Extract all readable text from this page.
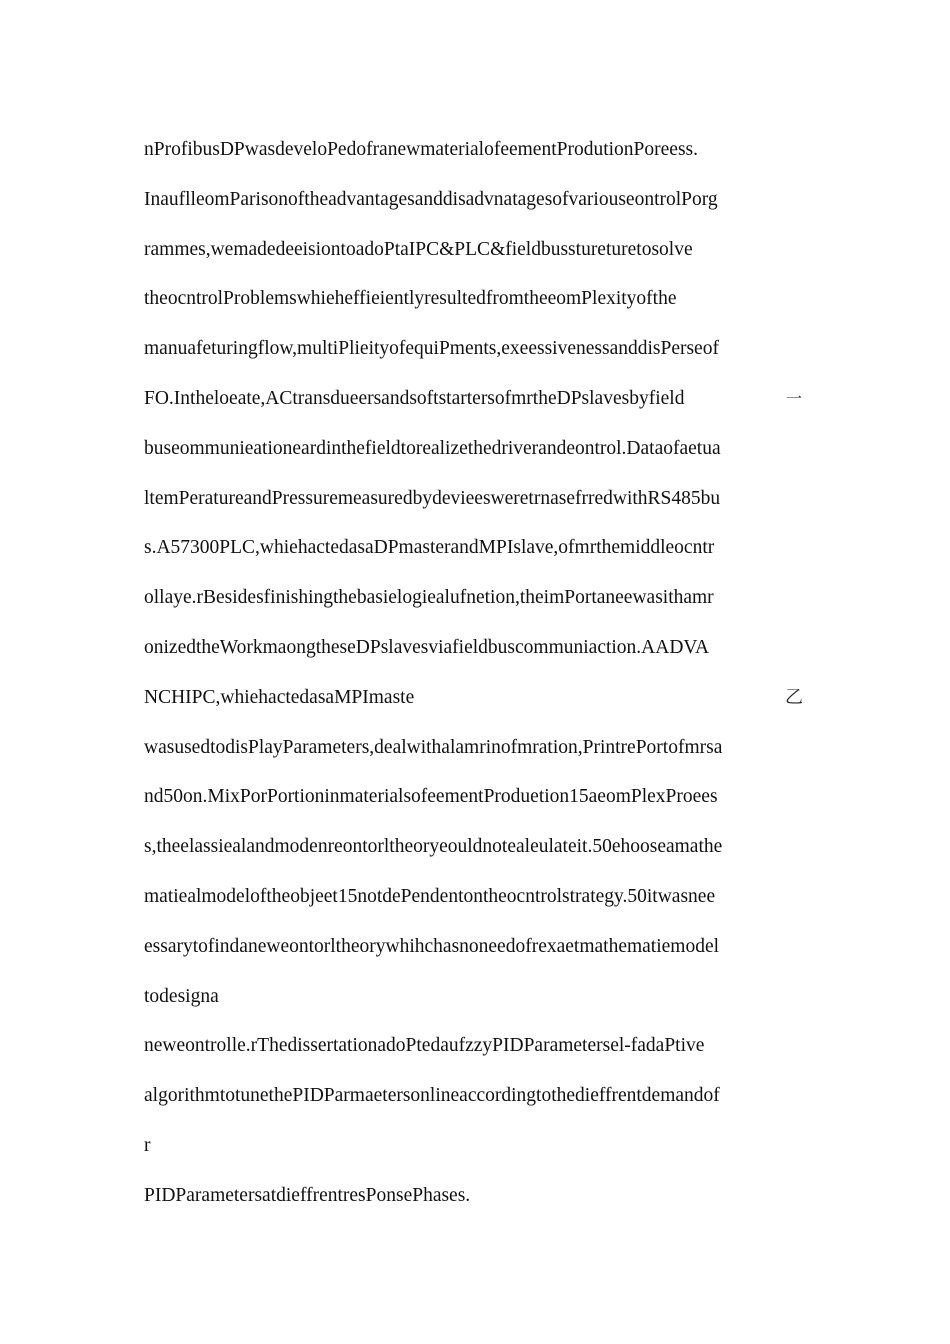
nProfibusDPwasdeveloPedofranewmaterialofeementProdutionPoreess.
InauflleomParisonoftheadvantagesanddisadvnatagesofvariouseontrolPorg
rammes,wemadedeeisiontoadoPtaIPC&PLC&fieldbusstureturetosolve
theocntrolProblemswhieheffieientlyresultedfromtheeomPlexityofthe
manuafeturingflow,multiPlieityofequiPments,exeessivenessanddisPerseof
FO.Intheloeate,ACtransdueersandsoftstartersofmrtheDPslavesbyfield	一
buseommunieationeardinthefieldtorealizethedriverandeontrol.Dataofaetua
ltemPeratureandPressuremeasuredbydevieesweretrnasefrredwithRS485bu
s.A57300PLC,whiehactedasaDPmasterandMPIslave,ofmrthemiddleocntr
ollaye.rBesidesfinishingthebasielogiealufnetion,theimPortaneewasithamr
onizedtheWorkmaongtheseDPslavesviafieldbuscommuniaction.AADVA
NCHIPC,whiehactedasaMPImaste	乙
wasusedtodisPlayParameters,dealwithalamrinofmration,PrintrePortofmrsa
nd50on.MixPorPortioninmaterialsofeementProduetion15aeomPlexProees
s,theelassiealandmodenreontorltheoryeouldnotealeulateit.50ehooseamathe
matiealmodeloftheobjeet15notdePendentontheocntrolstrategy.50itwasnee
essarytofindaneweontorltheorywhihchasnoneedofrexaetmathematiemodel
todesigna
neweontrolle.rThedissertationadoPtedaufzzyPIDParametersel-fadaPtive
algorithmtotunethePIDParmaetersonlineaccordingtothedieffrentdemandof
r
PIDParametersatdieffrentresPonsePhases.
